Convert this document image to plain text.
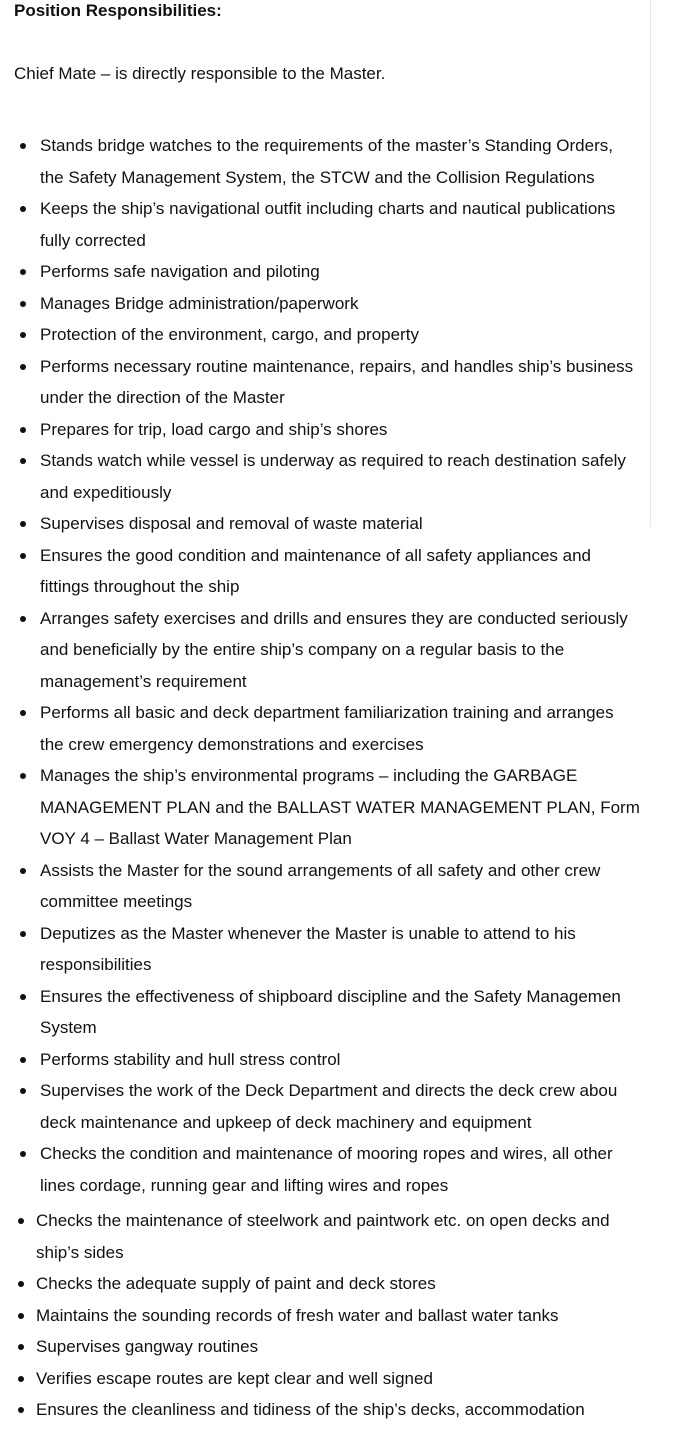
Position Responsibilities:
Chief Mate – is directly responsible to the Master.
Stands bridge watches to the requirements of the master’s Standing Orders,
the Safety Management System, the STCW and the Collision Regulations
Keeps the ship’s navigational outfit including charts and nautical publications
fully corrected
Performs safe navigation and piloting
Manages Bridge administration/paperwork
Protection of the environment, cargo, and property
Performs necessary routine maintenance, repairs, and handles ship’s business
under the direction of the Master
Prepares for trip, load cargo and ship’s shores
Stands watch while vessel is underway as required to reach destination safely
and expeditiously
Supervises disposal and removal of waste material
Ensures the good condition and maintenance of all safety appliances and
fittings throughout the ship
Arranges safety exercises and drills and ensures they are conducted seriously
and beneficially by the entire ship’s company on a regular basis to the
management’s requirement
Performs all basic and deck department familiarization training and arranges
the crew emergency demonstrations and exercises
Manages the ship’s environmental programs – including the GARBAGE
MANAGEMENT PLAN and the BALLAST WATER MANAGEMENT PLAN, Form
VOY 4 – Ballast Water Management Plan
Assists the Master for the sound arrangements of all safety and other crew
committee meetings
Deputizes as the Master whenever the Master is unable to attend to his
responsibilities
Ensures the effectiveness of shipboard discipline and the Safety Managemen
System
Performs stability and hull stress control
Supervises the work of the Deck Department and directs the deck crew abou
deck maintenance and upkeep of deck machinery and equipment
Checks the condition and maintenance of mooring ropes and wires, all other
lines cordage, running gear and lifting wires and ropes
Checks the maintenance of steelwork and paintwork etc. on open decks and
ship’s sides
Checks the adequate supply of paint and deck stores
Maintains the sounding records of fresh water and ballast water tanks
Supervises gangway routines
Verifies escape routes are kept clear and well signed
Ensures the cleanliness and tidiness of the ship’s decks, accommodation
